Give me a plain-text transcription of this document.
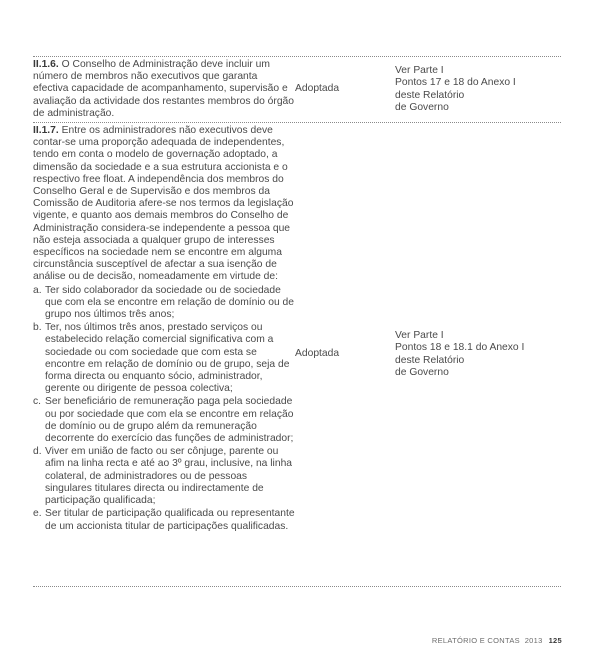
II.1.6. O Conselho de Administração deve incluir um número de membros não executivos que garanta efectiva capacidade de acompanhamento, supervisão e avaliação da actividade dos restantes membros do órgão de administração.

Adoptada
Ver Parte I
Pontos 17 e 18 do Anexo I
deste Relatório
de Governo

II.1.7. Entre os administradores não executivos deve contar-se uma proporção adequada de independentes, tendo em conta o modelo de governação adoptado, a dimensão da sociedade e a sua estrutura accionista e o respectivo free float. A independência dos membros do Conselho Geral e de Supervisão e dos membros da Comissão de Auditoria afere-se nos termos da legislação vigente, e quanto aos demais membros do Conselho de Administração considera-se independente a pessoa que não esteja associada a qualquer grupo de interesses específicos na sociedade nem se encontre em alguma circunstância susceptível de afectar a sua isenção de análise ou de decisão, nomeadamente em virtude de:

a. Ter sido colaborador da sociedade ou de sociedade que com ela se encontre em relação de domínio ou de grupo nos últimos três anos;
b. Ter, nos últimos três anos, prestado serviços ou estabelecido relação comercial significativa com a sociedade ou com sociedade que com esta se encontre em relação de domínio ou de grupo, seja de forma directa ou enquanto sócio, administrador, gerente ou dirigente de pessoa colectiva;
c. Ser beneficiário de remuneração paga pela sociedade ou por sociedade que com ela se encontre em relação de domínio ou de grupo além da remuneração decorrente do exercício das funções de administrador;
d. Viver em união de facto ou ser cônjuge, parente ou afim na linha recta e até ao 3º grau, inclusive, na linha colateral, de administradores ou de pessoas singulares titulares directa ou indirectamente de participação qualificada;
e. Ser titular de participação qualificada ou representante de um accionista titular de participações qualificadas.
Adoptada
Ver Parte I
Pontos 18 e 18.1 do Anexo I
deste Relatório
de Governo
RELATÓRIO E CONTAS  2013 125
